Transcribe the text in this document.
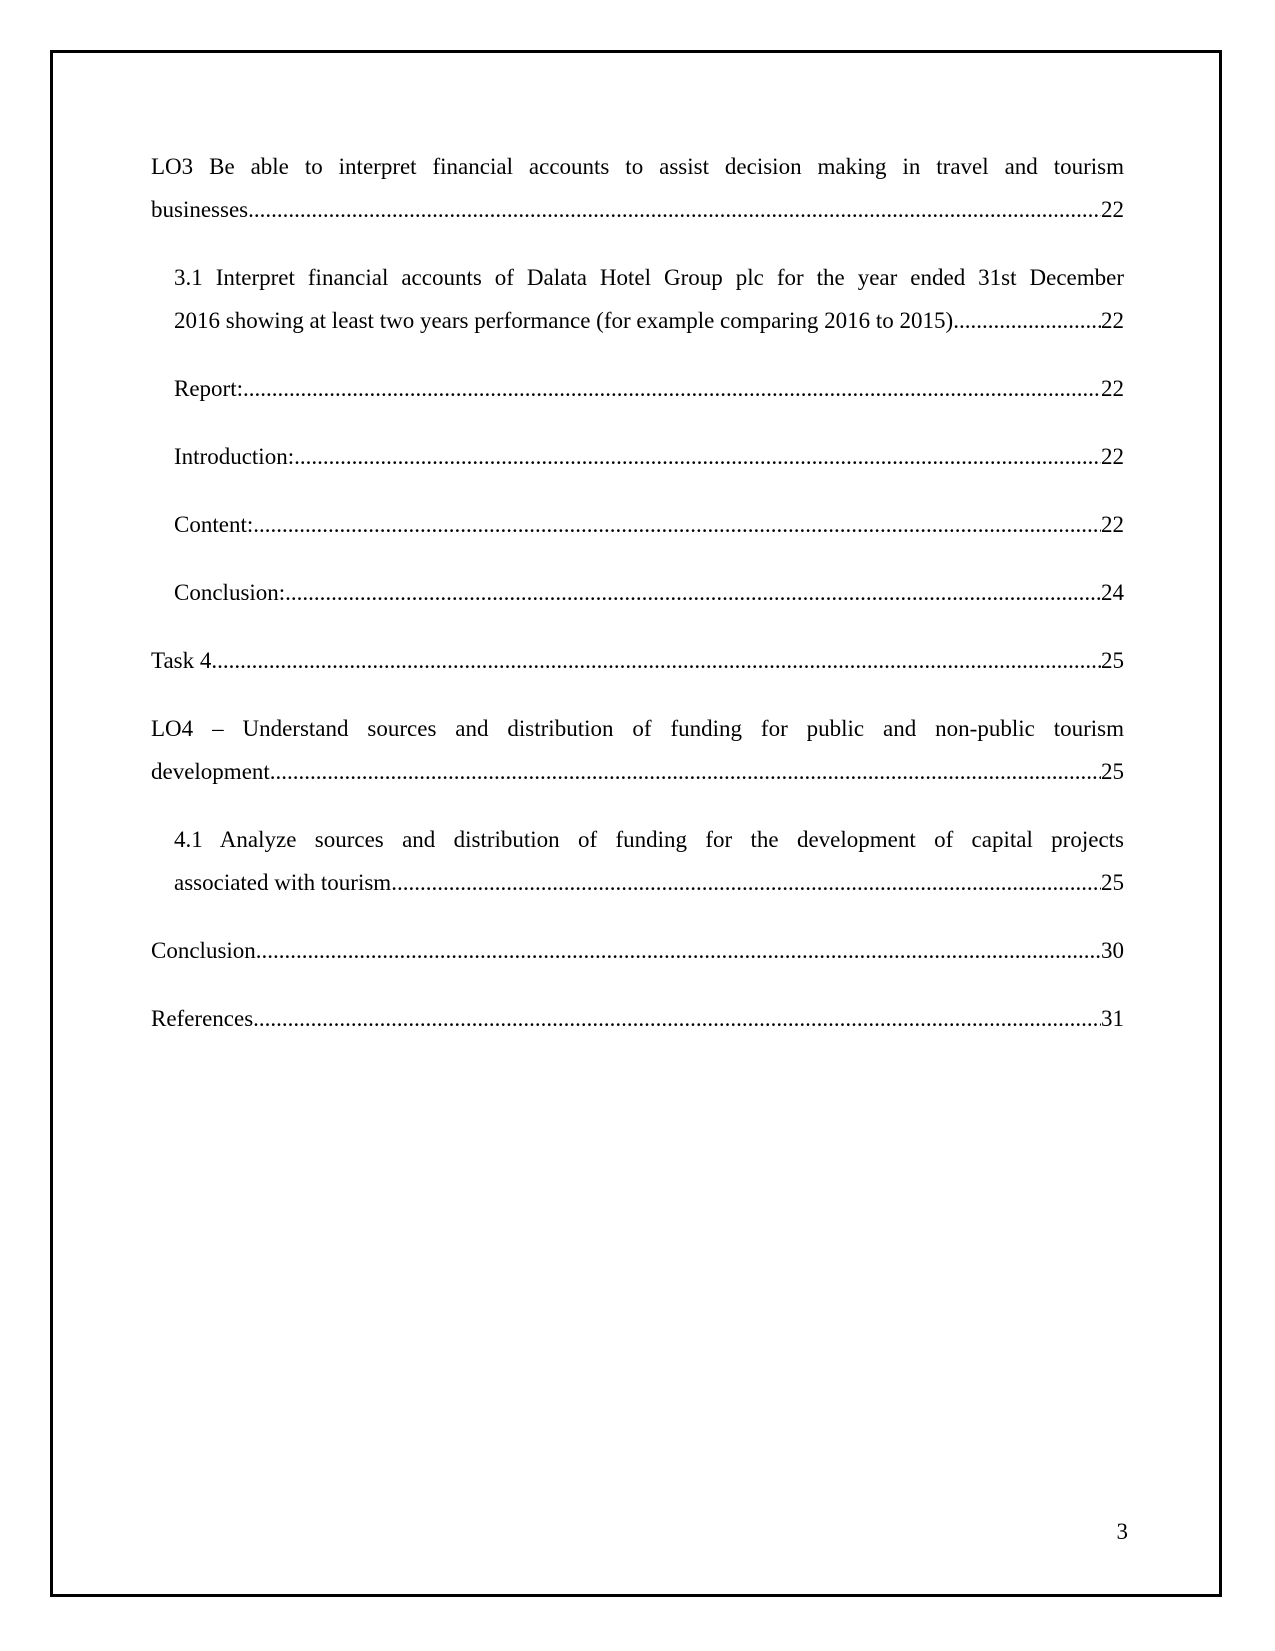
LO3 Be able to interpret financial accounts to assist decision making in travel and tourism
businesses .....	22
3.1 Interpret financial accounts of Dalata Hotel Group plc for the year ended 31st December
2016 showing at least two years performance (for example comparing 2016 to 2015) .....	22
Report: .....	22
Introduction: .....	22
Content: .....	22
Conclusion: .....	24
Task 4 .....	25
LO4 – Understand sources and distribution of funding for public and non-public tourism
development .....	25
4.1 Analyze sources and distribution of funding for the development of capital projects
associated with tourism .....	25
Conclusion .....	30
References .....	31
3
